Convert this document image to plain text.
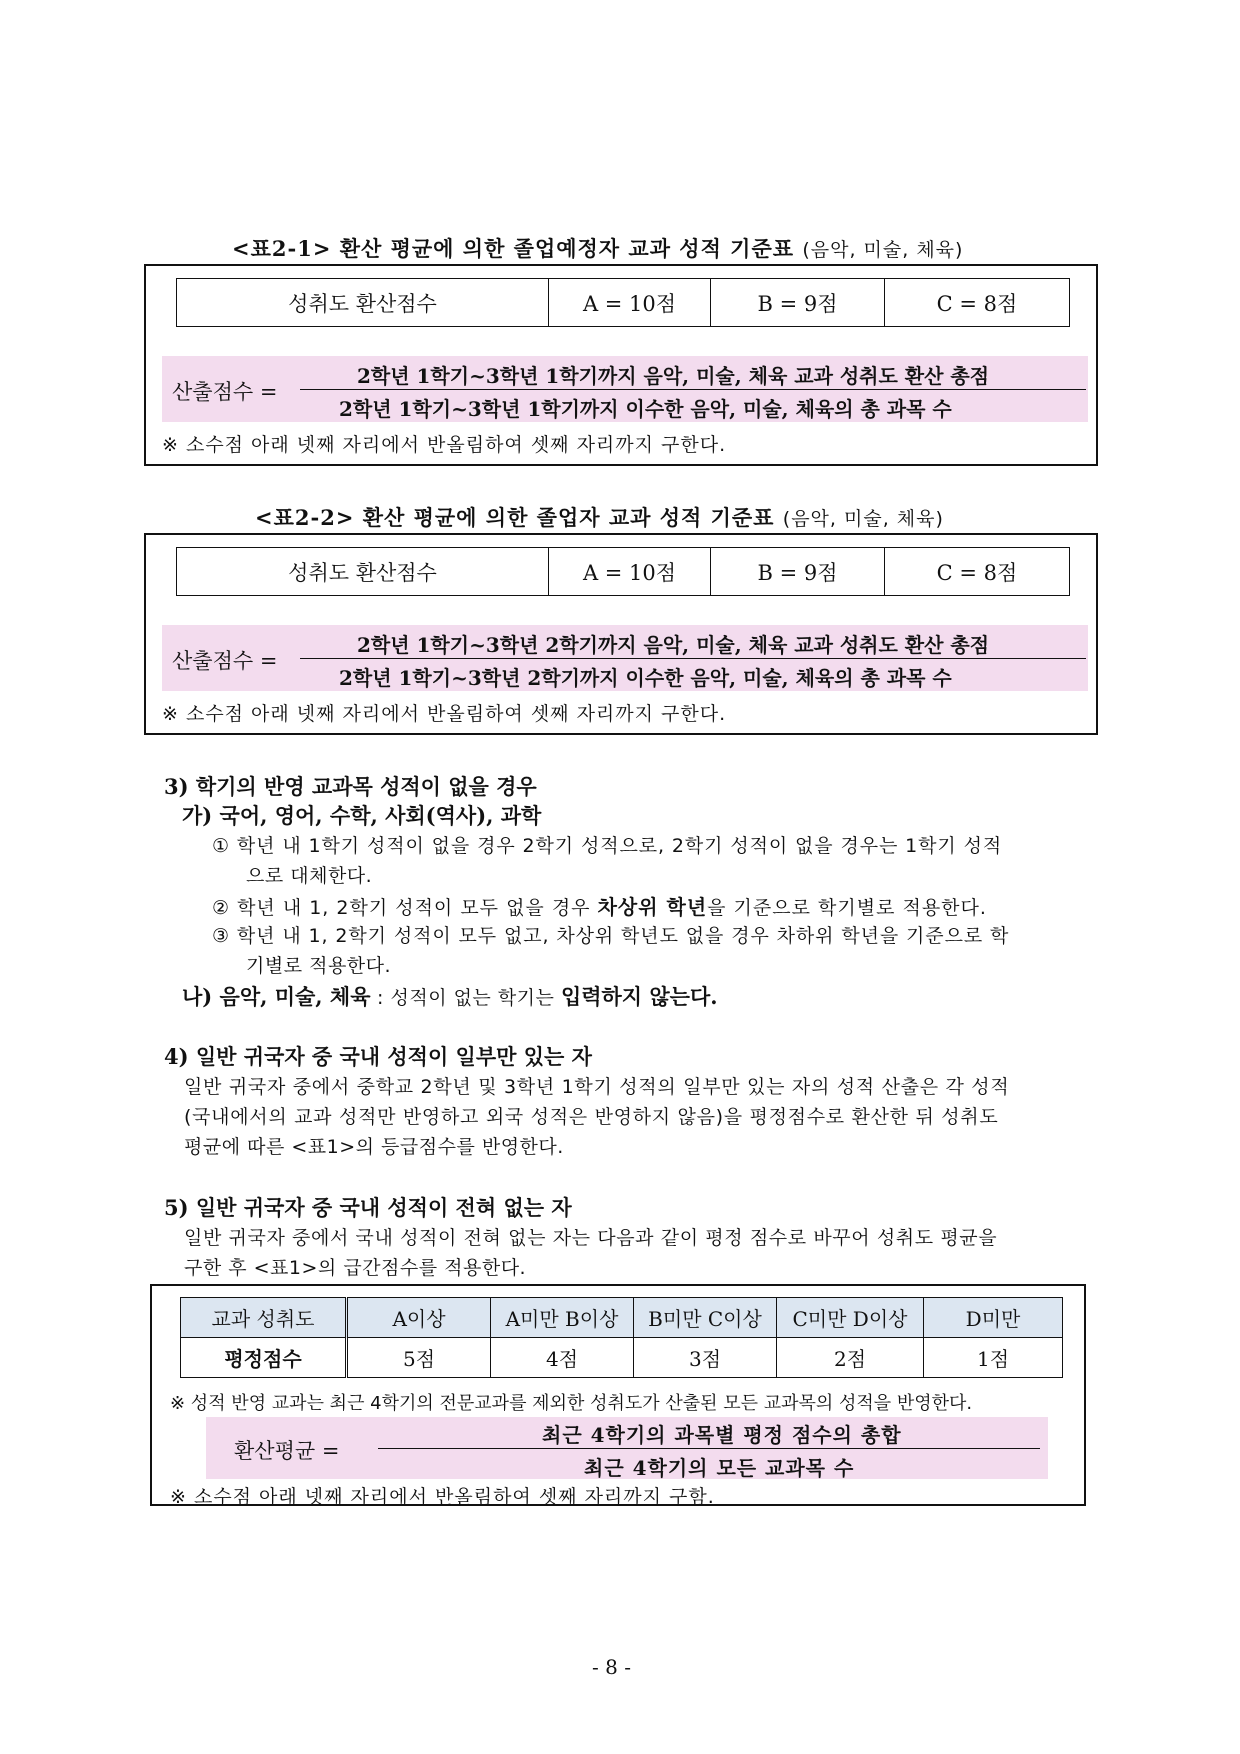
<표2-1> 환산 평균에 의한 졸업예정자 교과 성적 기준표 (음악, 미술, 체육)
성취도 환산점수	A = 10점	B = 9점	C = 8점
산출점수 =
2학년 1학기~3학년 1학기까지 음악, 미술, 체육 교과 성취도 환산 총점
2학년 1학기~3학년 1학기까지 이수한 음악, 미술, 체육의 총 과목 수
※ 소수점 아래 넷째 자리에서 반올림하여 셋째 자리까지 구한다.
<표2-2> 환산 평균에 의한 졸업자 교과 성적 기준표 (음악, 미술, 체육)
성취도 환산점수	A = 10점	B = 9점	C = 8점
산출점수 =
2학년 1학기~3학년 2학기까지 음악, 미술, 체육 교과 성취도 환산 총점
2학년 1학기~3학년 2학기까지 이수한 음악, 미술, 체육의 총 과목 수
※ 소수점 아래 넷째 자리에서 반올림하여 셋째 자리까지 구한다.
3) 학기의 반영 교과목 성적이 없을 경우
가) 국어, 영어, 수학, 사회(역사), 과학
① 학년 내 1학기 성적이 없을 경우 2학기 성적으로, 2학기 성적이 없을 경우는 1학기 성적
으로 대체한다.
② 학년 내 1, 2학기 성적이 모두 없을 경우 차상위 학년을 기준으로 학기별로 적용한다.
③ 학년 내 1, 2학기 성적이 모두 없고, 차상위 학년도 없을 경우 차하위 학년을 기준으로 학
기별로 적용한다.
나) 음악, 미술, 체육 : 성적이 없는 학기는 입력하지 않는다.
4) 일반 귀국자 중 국내 성적이 일부만 있는 자
일반 귀국자 중에서 중학교 2학년 및 3학년 1학기 성적의 일부만 있는 자의 성적 산출은 각 성적
(국내에서의 교과 성적만 반영하고 외국 성적은 반영하지 않음)을 평정점수로 환산한 뒤 성취도
평균에 따른 <표1>의 등급점수를 반영한다.
5) 일반 귀국자 중 국내 성적이 전혀 없는 자
일반 귀국자 중에서 국내 성적이 전혀 없는 자는 다음과 같이 평정 점수로 바꾸어 성취도 평균을
구한 후 <표1>의 급간점수를 적용한다.
교과 성취도	A이상	A미만 B이상	B미만 C이상	C미만 D이상	D미만
평정점수	5점	4점	3점	2점	1점
※ 성적 반영 교과는 최근 4학기의 전문교과를 제외한 성취도가 산출된 모든 교과목의 성적을 반영한다.
환산평균 =
최근 4학기의 과목별 평정 점수의 총합
최근 4학기의 모든 교과목 수
※ 소수점 아래 넷째 자리에서 반올림하여 셋째 자리까지 구함.
- 8 -
